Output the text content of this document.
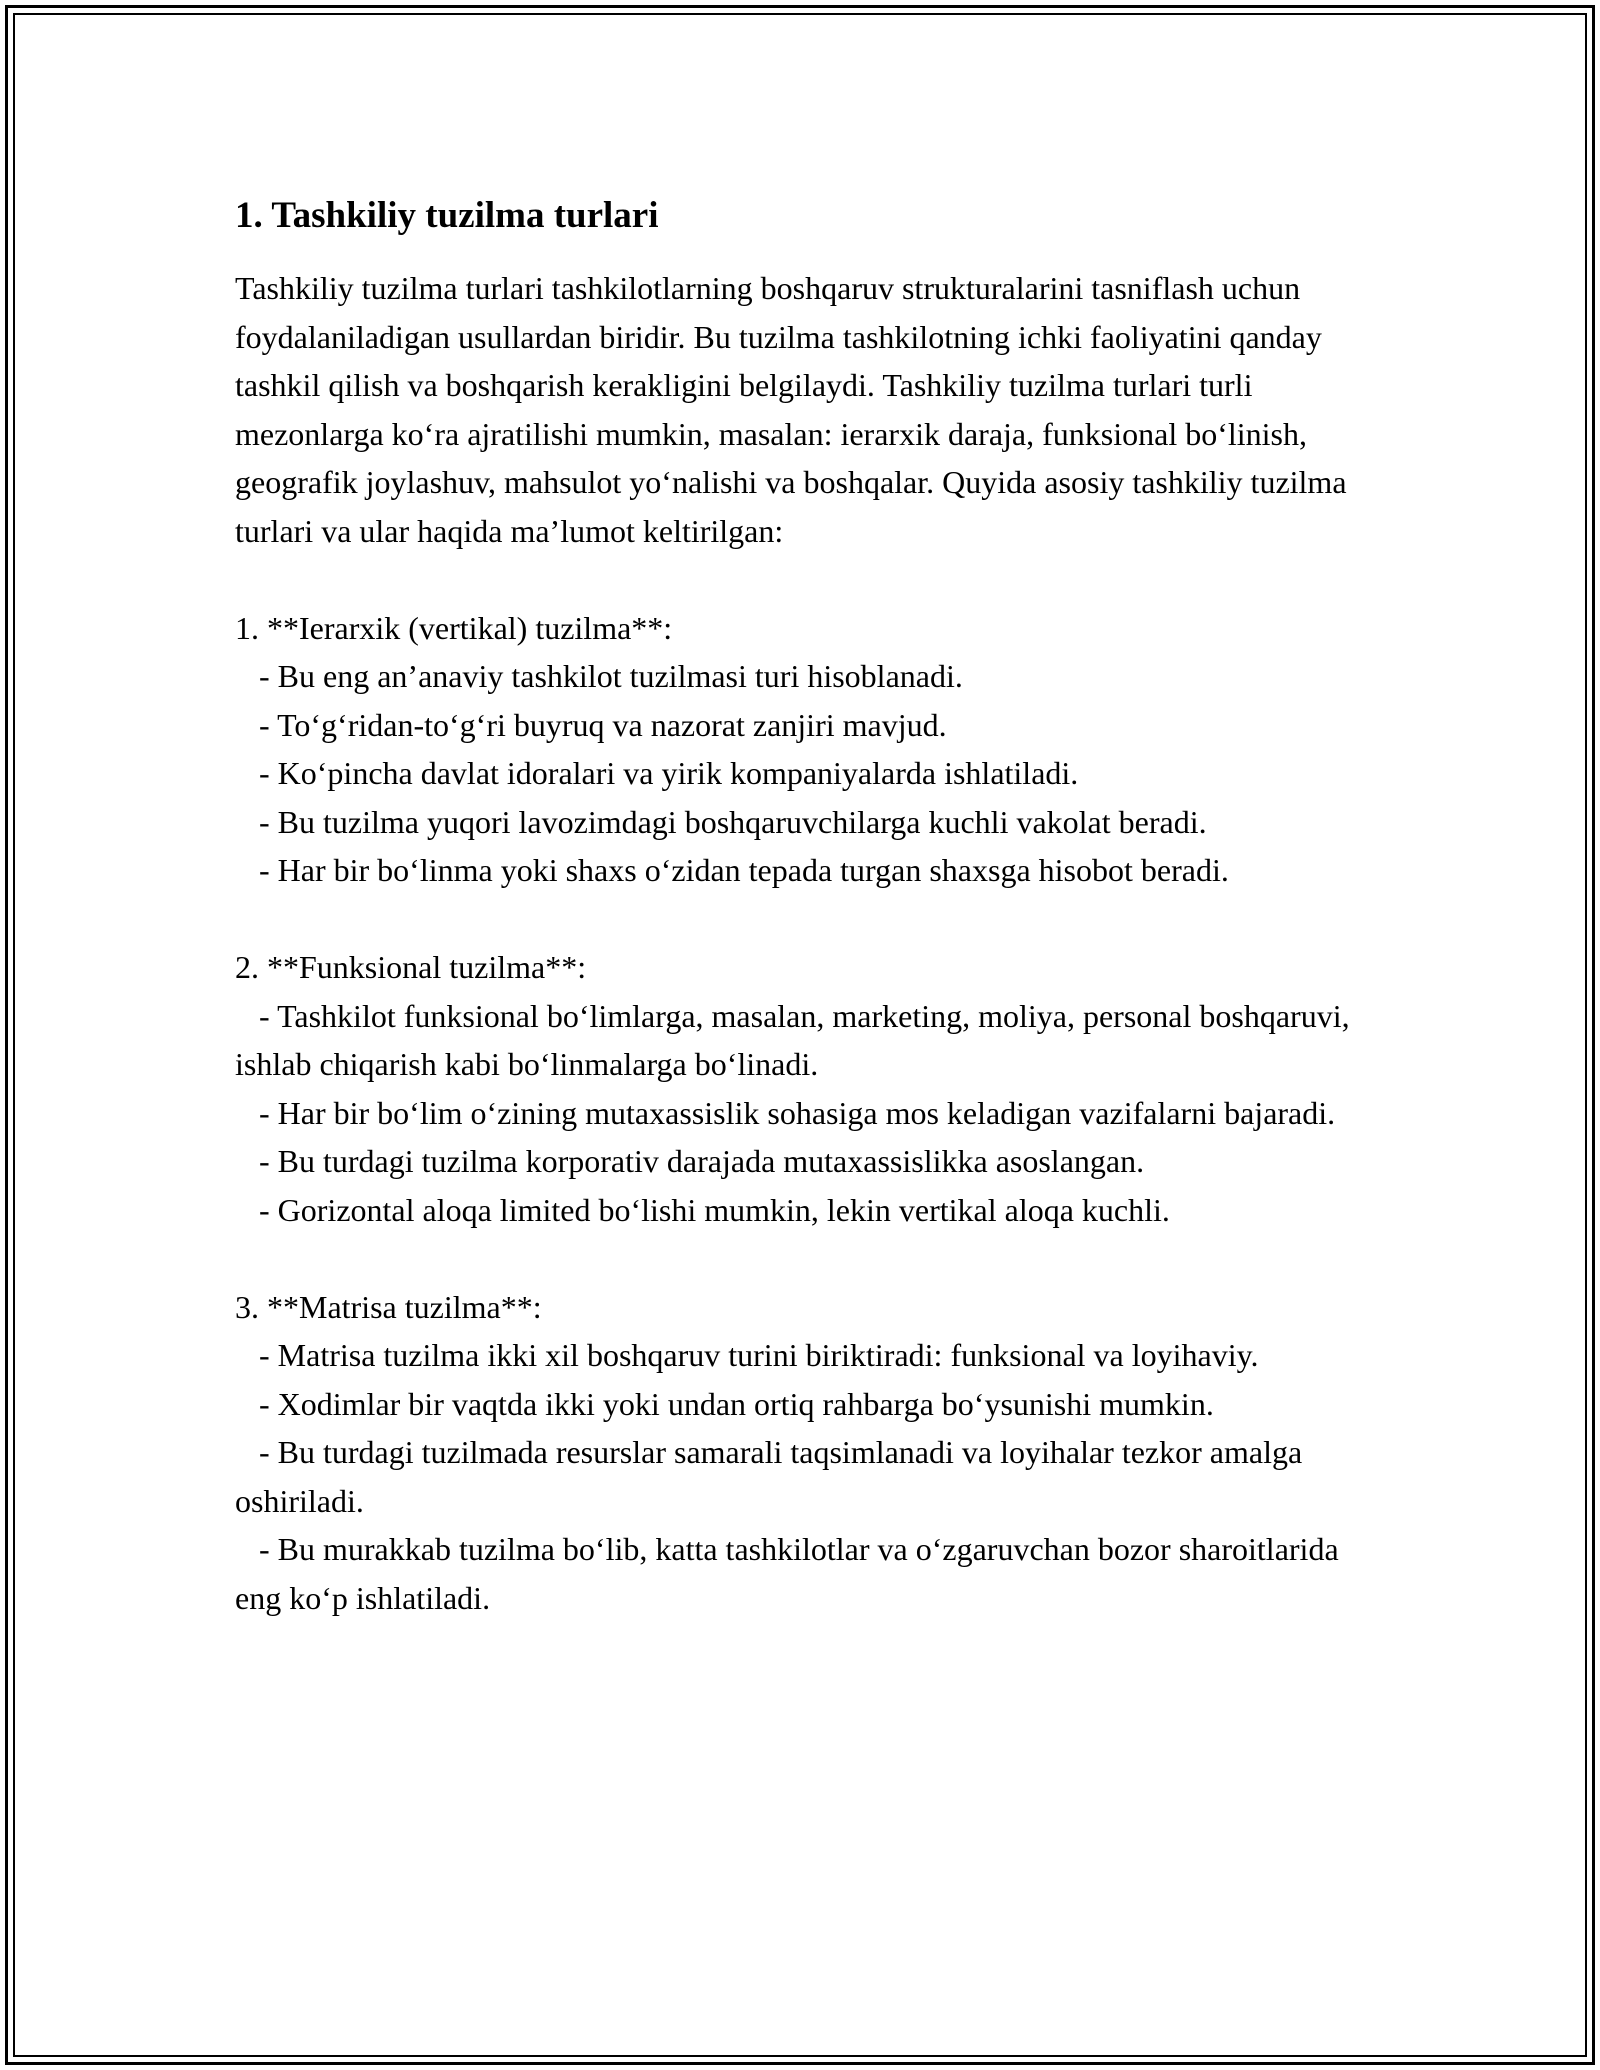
1. Tashkiliy tuzilma turlari

Tashkiliy tuzilma turlari tashkilotlarning boshqaruv strukturalarini tasniflash uchun foydalaniladigan usullardan biridir. Bu tuzilma tashkilotning ichki faoliyatini qanday tashkil qilish va boshqarish kerakligini belgilaydi. Tashkiliy tuzilma turlari turli mezonlarga ko‘ra ajratilishi mumkin, masalan: ierarxik daraja, funksional bo‘linish, geografik joylashuv, mahsulot yo‘nalishi va boshqalar. Quyida asosiy tashkiliy tuzilma turlari va ular haqida ma’lumot keltirilgan:

1. **Ierarxik (vertikal) tuzilma**:

- Bu eng an’anaviy tashkilot tuzilmasi turi hisoblanadi.

- To‘g‘ridan-to‘g‘ri buyruq va nazorat zanjiri mavjud.

- Ko‘pincha davlat idoralari va yirik kompaniyalarda ishlatiladi.

- Bu tuzilma yuqori lavozimdagi boshqaruvchilarga kuchli vakolat beradi.

- Har bir bo‘linma yoki shaxs o‘zidan tepada turgan shaxsga hisobot beradi.

2. **Funksional tuzilma**:

- Tashkilot funksional bo‘limlarga, masalan, marketing, moliya, personal boshqaruvi, ishlab chiqarish kabi bo‘linmalarga bo‘linadi.

- Har bir bo‘lim o‘zining mutaxassislik sohasiga mos keladigan vazifalarni bajaradi.

- Bu turdagi tuzilma korporativ darajada mutaxassislikka asoslangan.

- Gorizontal aloqa limited bo‘lishi mumkin, lekin vertikal aloqa kuchli.

3. **Matrisa tuzilma**:

- Matrisa tuzilma ikki xil boshqaruv turini biriktiradi: funksional va loyihaviy.

- Xodimlar bir vaqtda ikki yoki undan ortiq rahbarga bo‘ysunishi mumkin.

- Bu turdagi tuzilmada resurslar samarali taqsimlanadi va loyihalar tezkor amalga oshiriladi.

- Bu murakkab tuzilma bo‘lib, katta tashkilotlar va o‘zgaruvchan bozor sharoitlarida eng ko‘p ishlatiladi.
